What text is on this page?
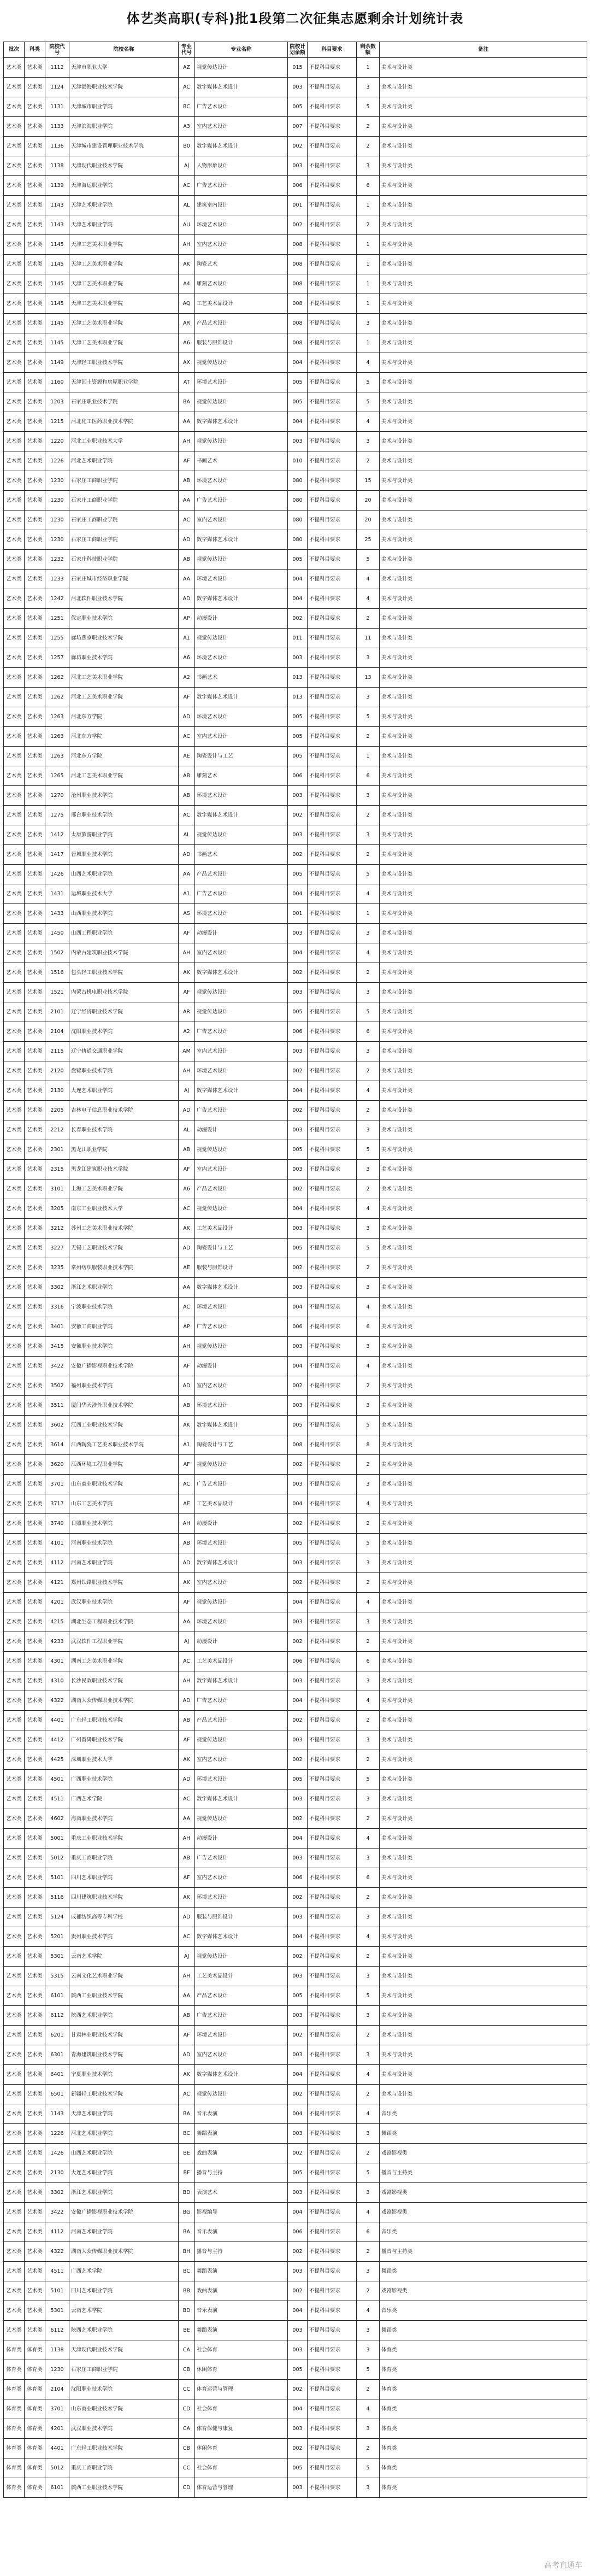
体艺类高职(专科)批1段第二次征集志愿剩余计划统计表
批次	科类	院校代号	院校名称	专业代号	专业名称	院校计划余额	科目要求	剩余数额	备注
艺术类	艺术类	1112	天津市职业大学	AZ	视觉传达设计	015	不提科目要求	1	美术与设计类
艺术类	艺术类	1124	天津渤海职业技术学院	AC	数字媒体艺术设计	003	不提科目要求	3	美术与设计类
艺术类	艺术类	1131	天津城市职业学院	BC	广告艺术设计	005	不提科目要求	5	美术与设计类
艺术类	艺术类	1133	天津滨海职业学院	A3	室内艺术设计	007	不提科目要求	2	美术与设计类
艺术类	艺术类	1136	天津城市建设管理职业技术学院	B0	数字媒体艺术设计	002	不提科目要求	2	美术与设计类
艺术类	艺术类	1138	天津现代职业技术学院	AJ	人物形象设计	003	不提科目要求	3	美术与设计类
艺术类	艺术类	1139	天津海运职业学院	AC	广告艺术设计	006	不提科目要求	6	美术与设计类
艺术类	艺术类	1143	天津艺术职业学院	AL	建筑室内设计	001	不提科目要求	1	美术与设计类
艺术类	艺术类	1143	天津艺术职业学院	AU	环境艺术设计	002	不提科目要求	2	美术与设计类
艺术类	艺术类	1145	天津工艺美术职业学院	AH	室内艺术设计	008	不提科目要求	1	美术与设计类
艺术类	艺术类	1145	天津工艺美术职业学院	AK	陶瓷艺术	008	不提科目要求	1	美术与设计类
艺术类	艺术类	1145	天津工艺美术职业学院	A4	雕刻艺术设计	008	不提科目要求	1	美术与设计类
艺术类	艺术类	1145	天津工艺美术职业学院	AQ	工艺美术品设计	008	不提科目要求	1	美术与设计类
艺术类	艺术类	1145	天津工艺美术职业学院	AR	产品艺术设计	008	不提科目要求	3	美术与设计类
艺术类	艺术类	1145	天津工艺美术职业学院	A6	服装与服饰设计	008	不提科目要求	1	美术与设计类
艺术类	艺术类	1149	天津轻工职业技术学院	AX	视觉传达设计	004	不提科目要求	4	美术与设计类
艺术类	艺术类	1160	天津国土资源和房屋职业学院	AT	环境艺术设计	005	不提科目要求	5	美术与设计类
艺术类	艺术类	1203	石家庄职业技术学院	BA	视觉传达设计	005	不提科目要求	5	美术与设计类
艺术类	艺术类	1215	河北化工医药职业技术学院	AA	数字媒体艺术设计	004	不提科目要求	4	美术与设计类
艺术类	艺术类	1220	河北工业职业技术大学	AH	视觉传达设计	003	不提科目要求	3	美术与设计类
艺术类	艺术类	1226	河北艺术职业学院	AF	书画艺术	010	不提科目要求	2	美术与设计类
艺术类	艺术类	1230	石家庄工商职业学院	AB	环境艺术设计	080	不提科目要求	15	美术与设计类
艺术类	艺术类	1230	石家庄工商职业学院	AA	广告艺术设计	080	不提科目要求	20	美术与设计类
艺术类	艺术类	1230	石家庄工商职业学院	AC	室内艺术设计	080	不提科目要求	20	美术与设计类
艺术类	艺术类	1230	石家庄工商职业学院	AD	数字媒体艺术设计	080	不提科目要求	25	美术与设计类
艺术类	艺术类	1232	石家庄科技职业学院	AB	视觉传达设计	005	不提科目要求	5	美术与设计类
艺术类	艺术类	1233	石家庄城市经济职业学院	AA	环境艺术设计	004	不提科目要求	4	美术与设计类
艺术类	艺术类	1242	河北软件职业技术学院	AD	数字媒体艺术设计	004	不提科目要求	4	美术与设计类
艺术类	艺术类	1251	保定职业技术学院	AP	动漫设计	002	不提科目要求	2	美术与设计类
艺术类	艺术类	1255	廊坊燕京职业技术学院	A1	视觉传达设计	011	不提科目要求	11	美术与设计类
艺术类	艺术类	1257	廊坊职业技术学院	A6	环境艺术设计	003	不提科目要求	3	美术与设计类
艺术类	艺术类	1262	河北工艺美术职业学院	A2	书画艺术	013	不提科目要求	13	美术与设计类
艺术类	艺术类	1262	河北工艺美术职业学院	AF	数字媒体艺术设计	013	不提科目要求	3	美术与设计类
艺术类	艺术类	1263	河北东方学院	AD	环境艺术设计	005	不提科目要求	5	美术与设计类
艺术类	艺术类	1263	河北东方学院	AC	室内艺术设计	005	不提科目要求	2	美术与设计类
艺术类	艺术类	1263	河北东方学院	AE	陶瓷设计与工艺	005	不提科目要求	1	美术与设计类
艺术类	艺术类	1265	河北工艺美术职业学院	AB	雕刻艺术	006	不提科目要求	6	美术与设计类
艺术类	艺术类	1270	沧州职业技术学院	AB	环境艺术设计	003	不提科目要求	3	美术与设计类
艺术类	艺术类	1275	邢台职业技术学院	AC	数字媒体艺术设计	002	不提科目要求	2	美术与设计类
艺术类	艺术类	1412	太原旅游职业学院	AL	视觉传达设计	003	不提科目要求	3	美术与设计类
艺术类	艺术类	1417	晋城职业技术学院	AD	书画艺术	002	不提科目要求	2	美术与设计类
艺术类	艺术类	1426	山西艺术职业学院	AA	产品艺术设计	005	不提科目要求	5	美术与设计类
艺术类	艺术类	1431	运城职业技术大学	A1	广告艺术设计	004	不提科目要求	4	美术与设计类
艺术类	艺术类	1433	山西职业技术学院	AS	环境艺术设计	001	不提科目要求	1	美术与设计类
艺术类	艺术类	1450	山西工程职业学院	AF	动漫设计	003	不提科目要求	3	美术与设计类
艺术类	艺术类	1502	内蒙古建筑职业技术学院	AH	室内艺术设计	004	不提科目要求	4	美术与设计类
艺术类	艺术类	1516	包头轻工职业技术学院	AK	数字媒体艺术设计	002	不提科目要求	2	美术与设计类
艺术类	艺术类	1521	内蒙古机电职业技术学院	AF	视觉传达设计	003	不提科目要求	3	美术与设计类
艺术类	艺术类	2101	辽宁经济职业技术学院	AR	视觉传达设计	005	不提科目要求	5	美术与设计类
艺术类	艺术类	2104	沈阳职业技术学院	A2	广告艺术设计	006	不提科目要求	6	美术与设计类
艺术类	艺术类	2115	辽宁轨道交通职业学院	AM	室内艺术设计	003	不提科目要求	3	美术与设计类
艺术类	艺术类	2120	盘锦职业技术学院	AH	环境艺术设计	002	不提科目要求	2	美术与设计类
艺术类	艺术类	2130	大连艺术职业学院	AJ	数字媒体艺术设计	004	不提科目要求	4	美术与设计类
艺术类	艺术类	2205	吉林电子信息职业技术学院	AD	广告艺术设计	002	不提科目要求	2	美术与设计类
艺术类	艺术类	2212	长春职业技术学院	AL	动漫设计	003	不提科目要求	3	美术与设计类
艺术类	艺术类	2301	黑龙江职业学院	AB	视觉传达设计	005	不提科目要求	5	美术与设计类
艺术类	艺术类	2315	黑龙江建筑职业技术学院	AF	室内艺术设计	003	不提科目要求	3	美术与设计类
艺术类	艺术类	3101	上海工艺美术职业学院	A6	产品艺术设计	002	不提科目要求	2	美术与设计类
艺术类	艺术类	3205	南京工业职业技术大学	AC	视觉传达设计	004	不提科目要求	4	美术与设计类
艺术类	艺术类	3212	苏州工艺美术职业技术学院	AK	工艺美术品设计	003	不提科目要求	3	美术与设计类
艺术类	艺术类	3227	无锡工艺职业技术学院	AD	陶瓷设计与工艺	005	不提科目要求	5	美术与设计类
艺术类	艺术类	3235	常州纺织服装职业技术学院	AE	服装与服饰设计	002	不提科目要求	2	美术与设计类
艺术类	艺术类	3302	浙江艺术职业学院	AA	数字媒体艺术设计	003	不提科目要求	3	美术与设计类
艺术类	艺术类	3316	宁波职业技术学院	AC	环境艺术设计	004	不提科目要求	4	美术与设计类
艺术类	艺术类	3401	安徽工商职业学院	AP	广告艺术设计	006	不提科目要求	6	美术与设计类
艺术类	艺术类	3415	安徽职业技术学院	AH	视觉传达设计	003	不提科目要求	3	美术与设计类
艺术类	艺术类	3422	安徽广播影视职业技术学院	AF	动漫设计	004	不提科目要求	4	美术与设计类
艺术类	艺术类	3502	福州职业技术学院	AD	室内艺术设计	002	不提科目要求	2	美术与设计类
艺术类	艺术类	3511	厦门华天涉外职业技术学院	AB	环境艺术设计	003	不提科目要求	3	美术与设计类
艺术类	艺术类	3602	江西工业职业技术学院	AK	数字媒体艺术设计	005	不提科目要求	5	美术与设计类
艺术类	艺术类	3614	江西陶瓷工艺美术职业技术学院	A1	陶瓷设计与工艺	008	不提科目要求	8	美术与设计类
艺术类	艺术类	3620	江西环境工程职业学院	AF	视觉传达设计	002	不提科目要求	2	美术与设计类
艺术类	艺术类	3701	山东商业职业技术学院	AC	广告艺术设计	003	不提科目要求	3	美术与设计类
艺术类	艺术类	3717	山东工艺美术学院	AE	工艺美术品设计	004	不提科目要求	4	美术与设计类
艺术类	艺术类	3740	日照职业技术学院	AH	动漫设计	002	不提科目要求	2	美术与设计类
艺术类	艺术类	4101	河南职业技术学院	AB	环境艺术设计	005	不提科目要求	5	美术与设计类
艺术类	艺术类	4112	河南艺术职业学院	AD	数字媒体艺术设计	003	不提科目要求	3	美术与设计类
艺术类	艺术类	4121	郑州铁路职业技术学院	AK	室内艺术设计	002	不提科目要求	2	美术与设计类
艺术类	艺术类	4201	武汉职业技术学院	AF	视觉传达设计	004	不提科目要求	4	美术与设计类
艺术类	艺术类	4215	湖北生态工程职业技术学院	AA	环境艺术设计	003	不提科目要求	3	美术与设计类
艺术类	艺术类	4233	武汉软件工程职业学院	AJ	动漫设计	002	不提科目要求	2	美术与设计类
艺术类	艺术类	4301	湖南工艺美术职业学院	AC	工艺美术品设计	006	不提科目要求	6	美术与设计类
艺术类	艺术类	4310	长沙民政职业技术学院	AH	数字媒体艺术设计	003	不提科目要求	3	美术与设计类
艺术类	艺术类	4322	湖南大众传媒职业技术学院	AD	广告艺术设计	004	不提科目要求	4	美术与设计类
艺术类	艺术类	4401	广东轻工职业技术学院	AB	产品艺术设计	002	不提科目要求	2	美术与设计类
艺术类	艺术类	4412	广州番禺职业技术学院	AF	视觉传达设计	003	不提科目要求	3	美术与设计类
艺术类	艺术类	4425	深圳职业技术大学	AK	室内艺术设计	002	不提科目要求	2	美术与设计类
艺术类	艺术类	4501	广西职业技术学院	AD	环境艺术设计	005	不提科目要求	5	美术与设计类
艺术类	艺术类	4511	广西艺术学院	AC	数字媒体艺术设计	003	不提科目要求	3	美术与设计类
艺术类	艺术类	4602	海南职业技术学院	AA	视觉传达设计	002	不提科目要求	2	美术与设计类
艺术类	艺术类	5001	重庆工业职业技术学院	AH	动漫设计	004	不提科目要求	4	美术与设计类
艺术类	艺术类	5012	重庆工商职业学院	AB	广告艺术设计	003	不提科目要求	3	美术与设计类
艺术类	艺术类	5101	四川艺术职业学院	AF	室内艺术设计	006	不提科目要求	6	美术与设计类
艺术类	艺术类	5116	四川建筑职业技术学院	AK	环境艺术设计	002	不提科目要求	2	美术与设计类
艺术类	艺术类	5124	成都纺织高等专科学校	AD	服装与服饰设计	003	不提科目要求	3	美术与设计类
艺术类	艺术类	5201	贵州职业技术学院	AC	数字媒体艺术设计	004	不提科目要求	4	美术与设计类
艺术类	艺术类	5301	云南艺术学院	AJ	视觉传达设计	002	不提科目要求	2	美术与设计类
艺术类	艺术类	5315	云南文化艺术职业学院	AH	工艺美术品设计	003	不提科目要求	3	美术与设计类
艺术类	艺术类	6101	陕西工业职业技术学院	AA	产品艺术设计	005	不提科目要求	5	美术与设计类
艺术类	艺术类	6112	陕西艺术职业学院	AB	广告艺术设计	003	不提科目要求	3	美术与设计类
艺术类	艺术类	6201	甘肃林业职业技术学院	AF	环境艺术设计	002	不提科目要求	2	美术与设计类
艺术类	艺术类	6301	青海建筑职业技术学院	AD	室内艺术设计	003	不提科目要求	3	美术与设计类
艺术类	艺术类	6401	宁夏职业技术学院	AK	数字媒体艺术设计	004	不提科目要求	4	美术与设计类
艺术类	艺术类	6501	新疆轻工职业技术学院	AC	视觉传达设计	002	不提科目要求	2	美术与设计类
艺术类	艺术类	1143	天津艺术职业学院	BA	音乐表演	004	不提科目要求	4	音乐类
艺术类	艺术类	1226	河北艺术职业学院	BC	舞蹈表演	003	不提科目要求	3	舞蹈类
艺术类	艺术类	1426	山西艺术职业学院	BE	戏曲表演	002	不提科目要求	2	戏剧影视类
艺术类	艺术类	2130	大连艺术职业学院	BF	播音与主持	005	不提科目要求	5	播音与主持类
艺术类	艺术类	3302	浙江艺术职业学院	BD	表演艺术	003	不提科目要求	3	戏剧影视类
艺术类	艺术类	3422	安徽广播影视职业技术学院	BG	影视编导	004	不提科目要求	4	戏剧影视类
艺术类	艺术类	4112	河南艺术职业学院	BA	音乐表演	006	不提科目要求	6	音乐类
艺术类	艺术类	4322	湖南大众传媒职业技术学院	BH	播音与主持	002	不提科目要求	2	播音与主持类
艺术类	艺术类	4511	广西艺术学院	BC	舞蹈表演	003	不提科目要求	3	舞蹈类
艺术类	艺术类	5101	四川艺术职业学院	BB	戏曲表演	002	不提科目要求	2	戏剧影视类
艺术类	艺术类	5301	云南艺术学院	BD	音乐表演	004	不提科目要求	4	音乐类
艺术类	艺术类	6112	陕西艺术职业学院	BE	舞蹈表演	003	不提科目要求	3	舞蹈类
体育类	体育类	1138	天津现代职业技术学院	CA	社会体育	003	不提科目要求	3	体育类
体育类	体育类	1230	石家庄工商职业学院	CB	休闲体育	005	不提科目要求	5	体育类
体育类	体育类	2104	沈阳职业技术学院	CC	体育运营与管理	002	不提科目要求	2	体育类
体育类	体育类	3701	山东商业职业技术学院	CD	社会体育	004	不提科目要求	4	体育类
体育类	体育类	4201	武汉职业技术学院	CA	体育保健与康复	003	不提科目要求	3	体育类
体育类	体育类	4401	广东轻工职业技术学院	CB	休闲体育	002	不提科目要求	2	体育类
体育类	体育类	5012	重庆工商职业学院	CC	社会体育	005	不提科目要求	5	体育类
体育类	体育类	6101	陕西工业职业技术学院	CD	体育运营与管理	003	不提科目要求	3	体育类
高考直通车
